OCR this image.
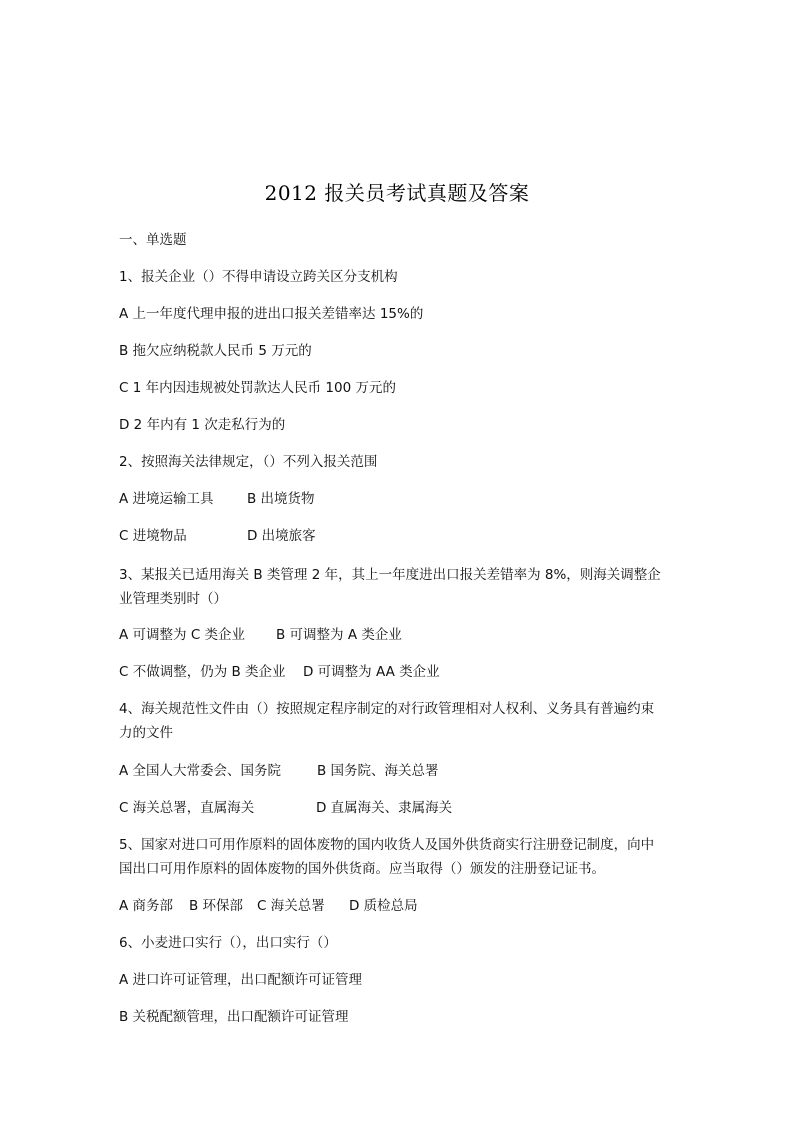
2012 报关员考试真题及答案
一、单选题
1、报关企业（）不得申请设立跨关区分支机构
A 上一年度代理申报的进出口报关差错率达 15%的
B 拖欠应纳税款人民币 5 万元的
C 1 年内因违规被处罚款达人民币 100 万元的
D 2 年内有 1 次走私行为的
2、按照海关法律规定，（）不列入报关范围
A 进境运输工具 B 出境货物
C 进境物品	D 出境旅客
3、某报关已适用海关 B 类管理 2 年，其上一年度进出口报关差错率为 8%，则海关调整企
业管理类别时（）
A 可调整为 C 类企业 B 可调整为 A 类企业
C 不做调整，仍为 B 类企业 D 可调整为 AA 类企业
4、海关规范性文件由（）按照规定程序制定的对行政管理相对人权利、义务具有普遍约束
力的文件
A 全国人大常委会、国务院	B 国务院、海关总署
C 海关总署，直属海关	D 直属海关、隶属海关
5、国家对进口可用作原料的固体废物的国内收货人及国外供货商实行注册登记制度，向中
国出口可用作原料的固体废物的国外供货商。应当取得（）颁发的注册登记证书。
A 商务部 B 环保部 C 海关总署 D 质检总局
6、小麦进口实行（），出口实行（）
A 进口许可证管理，出口配额许可证管理
B 关税配额管理，出口配额许可证管理
